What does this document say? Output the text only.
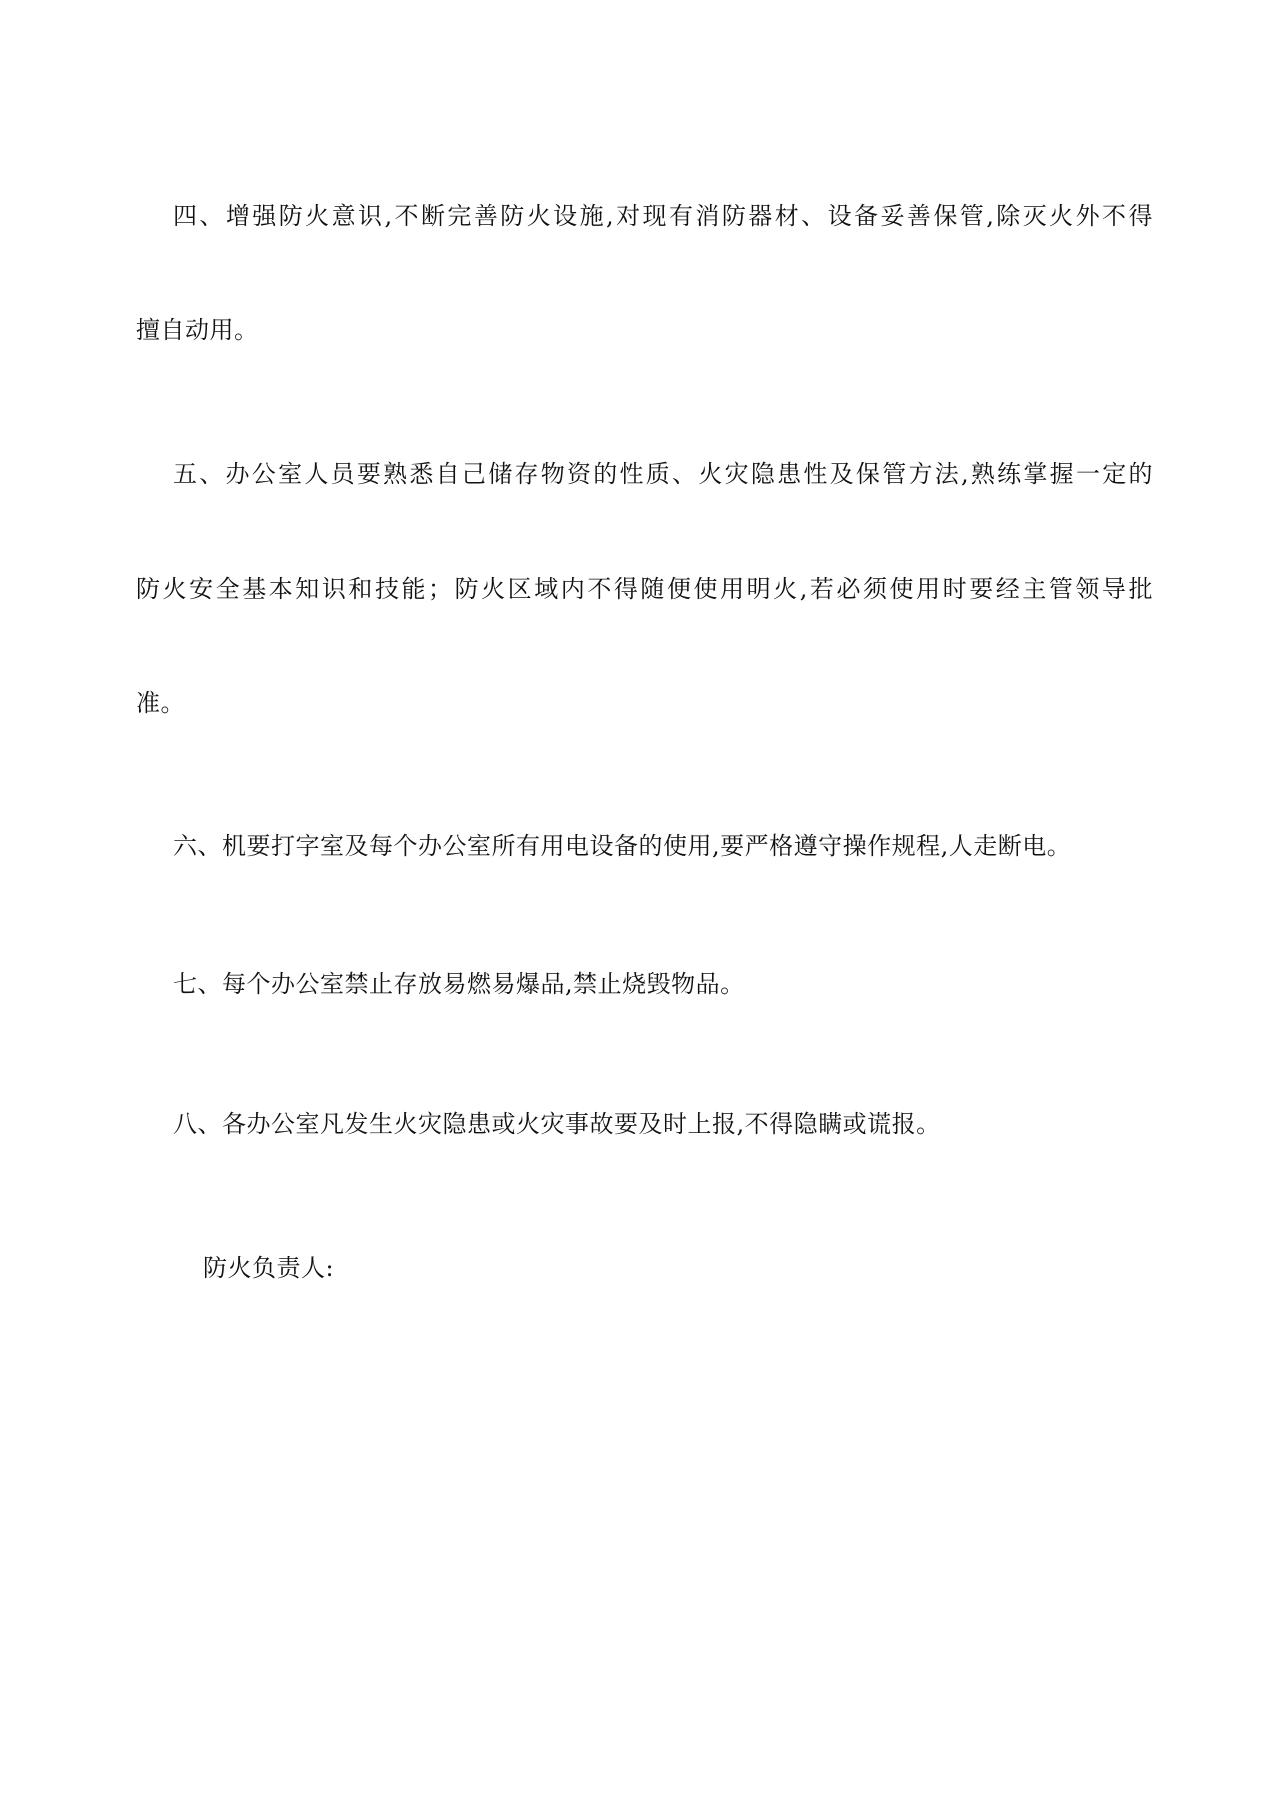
四、增强防火意识,不断完善防火设施,对现有消防器材、设备妥善保管,除灭火外不得
擅自动用。
五、办公室人员要熟悉自己储存物资的性质、火灾隐患性及保管方法,熟练掌握一定的
防火安全基本知识和技能；防火区域内不得随便使用明火,若必须使用时要经主管领导批
准。
六、机要打字室及每个办公室所有用电设备的使用,要严格遵守操作规程,人走断电。
七、每个办公室禁止存放易燃易爆品,禁止烧毁物品。
八、各办公室凡发生火灾隐患或火灾事故要及时上报,不得隐瞒或谎报。
防火负责人:
